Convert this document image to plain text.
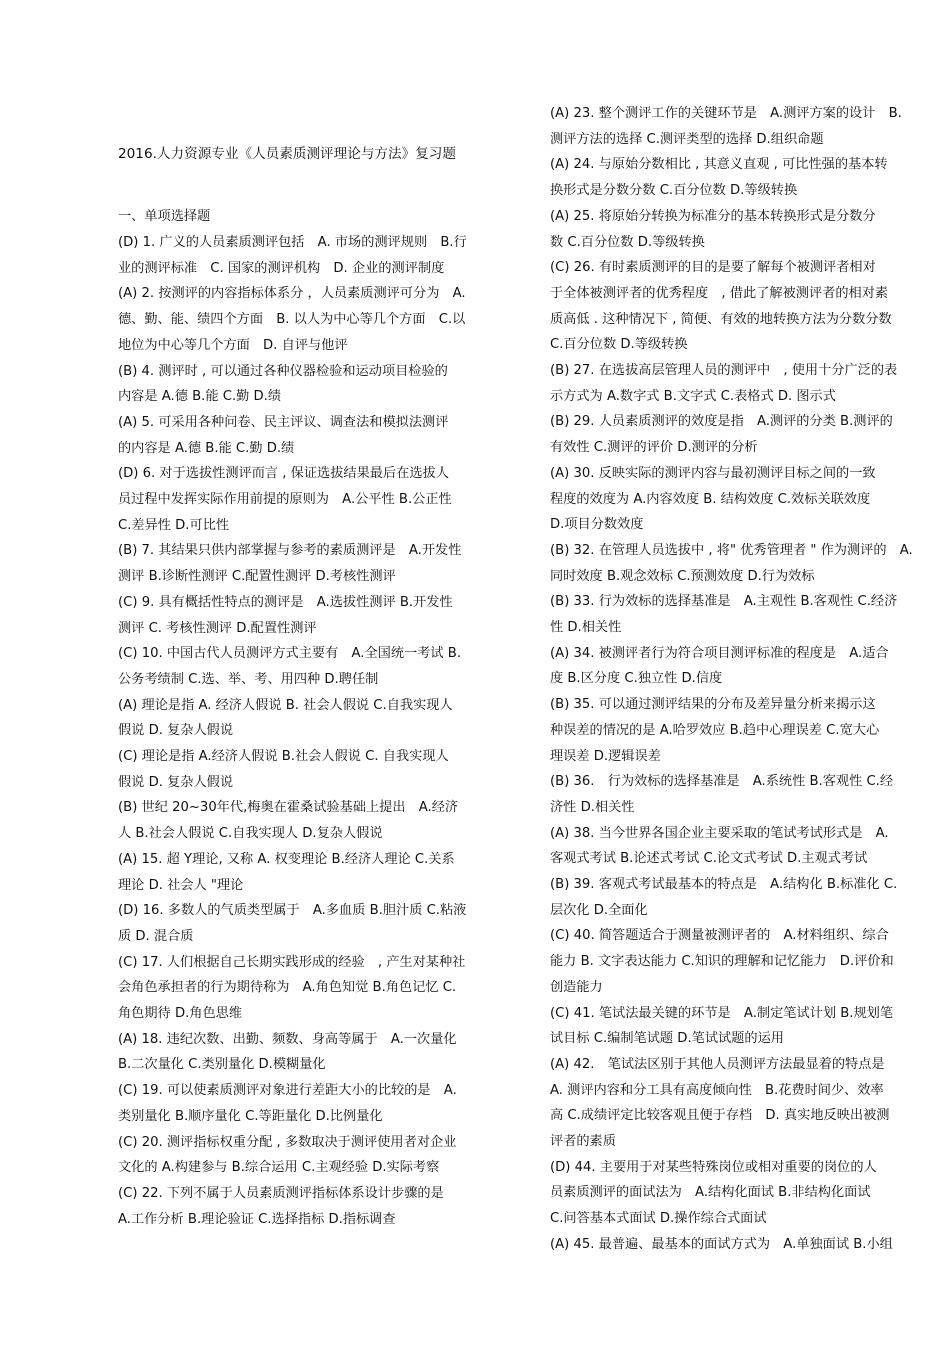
2016.人力资源专业《人员素质测评理论与方法》复习题
一、单项选择题
(D) 1. 广义的人员素质测评包括　A. 市场的测评规则　B.行
业的测评标准　C. 国家的测评机构　D. 企业的测评制度
(A) 2. 按测评的内容指标体系分 ，人员素质测评可分为　A.
德、勤、能、绩四个方面　B. 以人为中心等几个方面　C.以
地位为中心等几个方面　D. 自评与他评
(B) 4. 测评时 , 可以通过各种仪器检验和运动项目检验的
内容是 A.德 B.能 C.勤 D.绩
(A) 5. 可采用各种问卷、民主评议、调查法和模拟法测评
的内容是 A.德 B.能 C.勤 D.绩
(D) 6. 对于选拔性测评而言 , 保证选拔结果最后在选拔人
员过程中发挥实际作用前提的原则为　A.公平性 B.公正性
C.差异性 D.可比性
(B) 7. 其结果只供内部掌握与参考的素质测评是　A.开发性
测评 B.诊断性测评 C.配置性测评 D.考核性测评
(C) 9. 具有概括性特点的测评是　A.选拔性测评 B.开发性
测评 C. 考核性测评 D.配置性测评
(C) 10. 中国古代人员测评方式主要有　A.全国统一考试 B.
公务考绩制 C.选、举、考、用四种 D.聘任制
(A) 理论是指 A. 经济人假说 B. 社会人假说 C.自我实现人
假说 D. 复杂人假说
(C) 理论是指 A.经济人假说 B.社会人假说 C. 自我实现人
假说 D. 复杂人假说
(B) 世纪 20~30年代,梅奥在霍桑试验基础上提出　A.经济
人 B.社会人假说 C.自我实现人 D.复杂人假说
(A) 15. 超 Y理论, 又称 A. 权变理论 B.经济人理论 C.关系
理论 D. 社会人 "理论
(D) 16. 多数人的气质类型属于　A.多血质 B.胆汁质 C.粘液
质 D. 混合质
(C) 17. 人们根据自己长期实践形成的经验　, 产生对某种社
会角色承担者的行为期待称为　A.角色知觉 B.角色记忆 C.
角色期待 D.角色思维
(A) 18. 违纪次数、出勤、频数、身高等属于　A.一次量化
B.二次量化 C.类别量化 D.模糊量化
(C) 19. 可以使素质测评对象进行差距大小的比较的是　A.
类别量化 B.顺序量化 C.等距量化 D.比例量化
(C) 20. 测评指标权重分配 , 多数取决于测评使用者对企业
文化的 A.构建参与 B.综合运用 C.主观经验 D.实际考察
(C) 22. 下列不属于人员素质测评指标体系设计步骤的是
A.工作分析 B.理论验证 C.选择指标 D.指标调查
(A) 23. 整个测评工作的关键环节是　A.测评方案的设计　B.
测评方法的选择 C.测评类型的选择 D.组织命题
(A) 24. 与原始分数相比 , 其意义直观 , 可比性强的基本转
换形式是分数分数 C.百分位数 D.等级转换
(A) 25. 将原始分转换为标准分的基本转换形式是分数分
数 C.百分位数 D.等级转换
(C) 26. 有时素质测评的目的是要了解每个被测评者相对
于全体被测评者的优秀程度　, 借此了解被测评者的相对素
质高低 . 这种情况下 , 简便、有效的地转换方法为分数分数
C.百分位数 D.等级转换
(B) 27. 在选拔高层管理人员的测评中　, 使用十分广泛的表
示方式为 A.数字式 B.文字式 C.表格式 D. 图示式
(B) 29. 人员素质测评的效度是指　A.测评的分类 B.测评的
有效性 C.测评的评价 D.测评的分析
(A) 30. 反映实际的测评内容与最初测评目标之间的一致
程度的效度为 A.内容效度 B. 结构效度 C.效标关联效度
D.项目分数效度
(B) 32. 在管理人员选拔中 , 将" 优秀管理者 " 作为测评的　A.
同时效度 B.观念效标 C.预测效度 D.行为效标
(B) 33. 行为效标的选择基准是　A.主观性 B.客观性 C.经济
性 D.相关性
(A) 34. 被测评者行为符合项目测评标准的程度是　A.适合
度 B.区分度 C.独立性 D.信度
(B) 35. 可以通过测评结果的分布及差异量分析来揭示这
种误差的情况的是 A.哈罗效应 B.趋中心理误差 C.宽大心
理误差 D.逻辑误差
(B) 36.　行为效标的选择基准是　A.系统性 B.客观性 C.经
济性 D.相关性
(A) 38. 当今世界各国企业主要采取的笔试考试形式是　A.
客观式考试 B.论述式考试 C.论文式考试 D.主观式考试
(B) 39. 客观式考试最基本的特点是　A.结构化 B.标准化 C.
层次化 D.全面化
(C) 40. 简答题适合于测量被测评者的　A.材料组织、综合
能力 B. 文字表达能力 C.知识的理解和记忆能力　D.评价和
创造能力
(C) 41. 笔试法最关键的环节是　A.制定笔试计划 B.规划笔
试目标 C.编制笔试题 D.笔试试题的运用
(A) 42.　笔试法区别于其他人员测评方法最显着的特点是
A. 测评内容和分工具有高度倾向性　B.花费时间少、效率
高 C.成绩评定比较客观且便于存档　D. 真实地反映出被测
评者的素质
(D) 44. 主要用于对某些特殊岗位或相对重要的岗位的人
员素质测评的面试法为　A.结构化面试 B.非结构化面试
C.问答基本式面试 D.操作综合式面试
(A) 45. 最普遍、最基本的面试方式为　A.单独面试 B.小组
